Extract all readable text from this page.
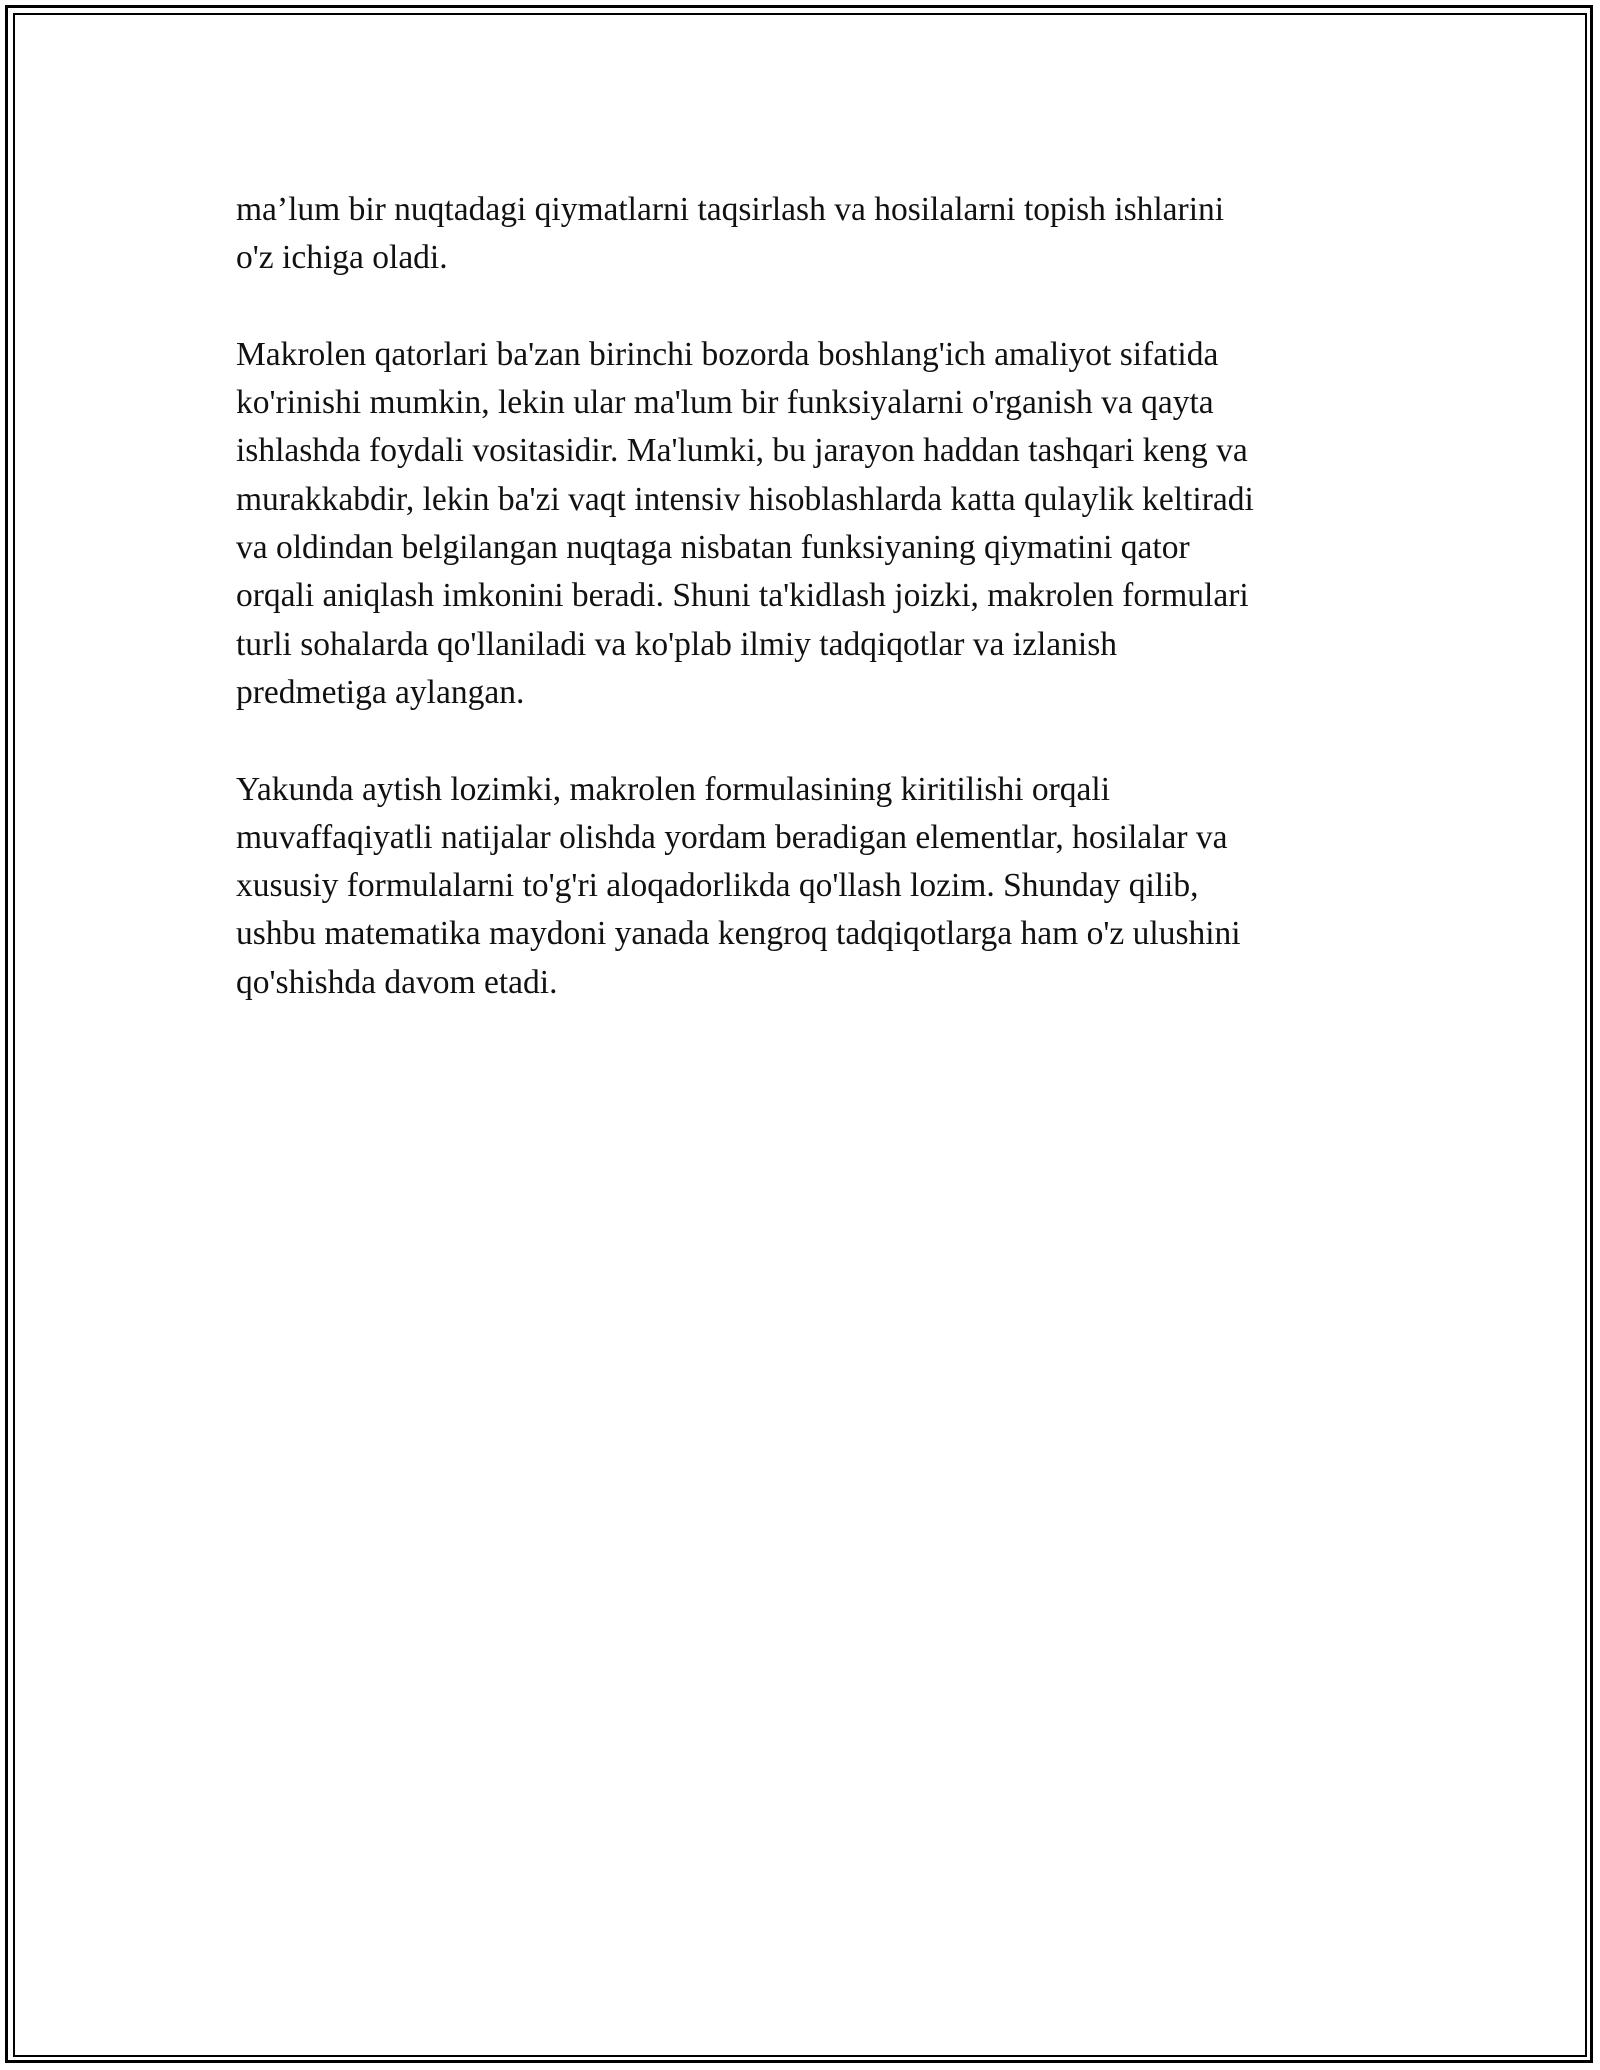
ma’lum bir nuqtadagi qiymatlarni taqsirlash va hosilalarni topish ishlarini
o'z ichiga oladi.

Makrolen qatorlari ba'zan birinchi bozorda boshlang'ich amaliyot sifatida
ko'rinishi mumkin, lekin ular ma'lum bir funksiyalarni o'rganish va qayta
ishlashda foydali vositasidir. Ma'lumki, bu jarayon haddan tashqari keng va
murakkabdir, lekin ba'zi vaqt intensiv hisoblashlarda katta qulaylik keltiradi
va oldindan belgilangan nuqtaga nisbatan funksiyaning qiymatini qator
orqali aniqlash imkonini beradi. Shuni ta'kidlash joizki, makrolen formulari
turli sohalarda qo'llaniladi va ko'plab ilmiy tadqiqotlar va izlanish
predmetiga aylangan.

Yakunda aytish lozimki, makrolen formulasining kiritilishi orqali
muvaffaqiyatli natijalar olishda yordam beradigan elementlar, hosilalar va
xususiy formulalarni to'g'ri aloqadorlikda qo'llash lozim. Shunday qilib,
ushbu matematika maydoni yanada kengroq tadqiqotlarga ham o'z ulushini
qo'shishda davom etadi.
